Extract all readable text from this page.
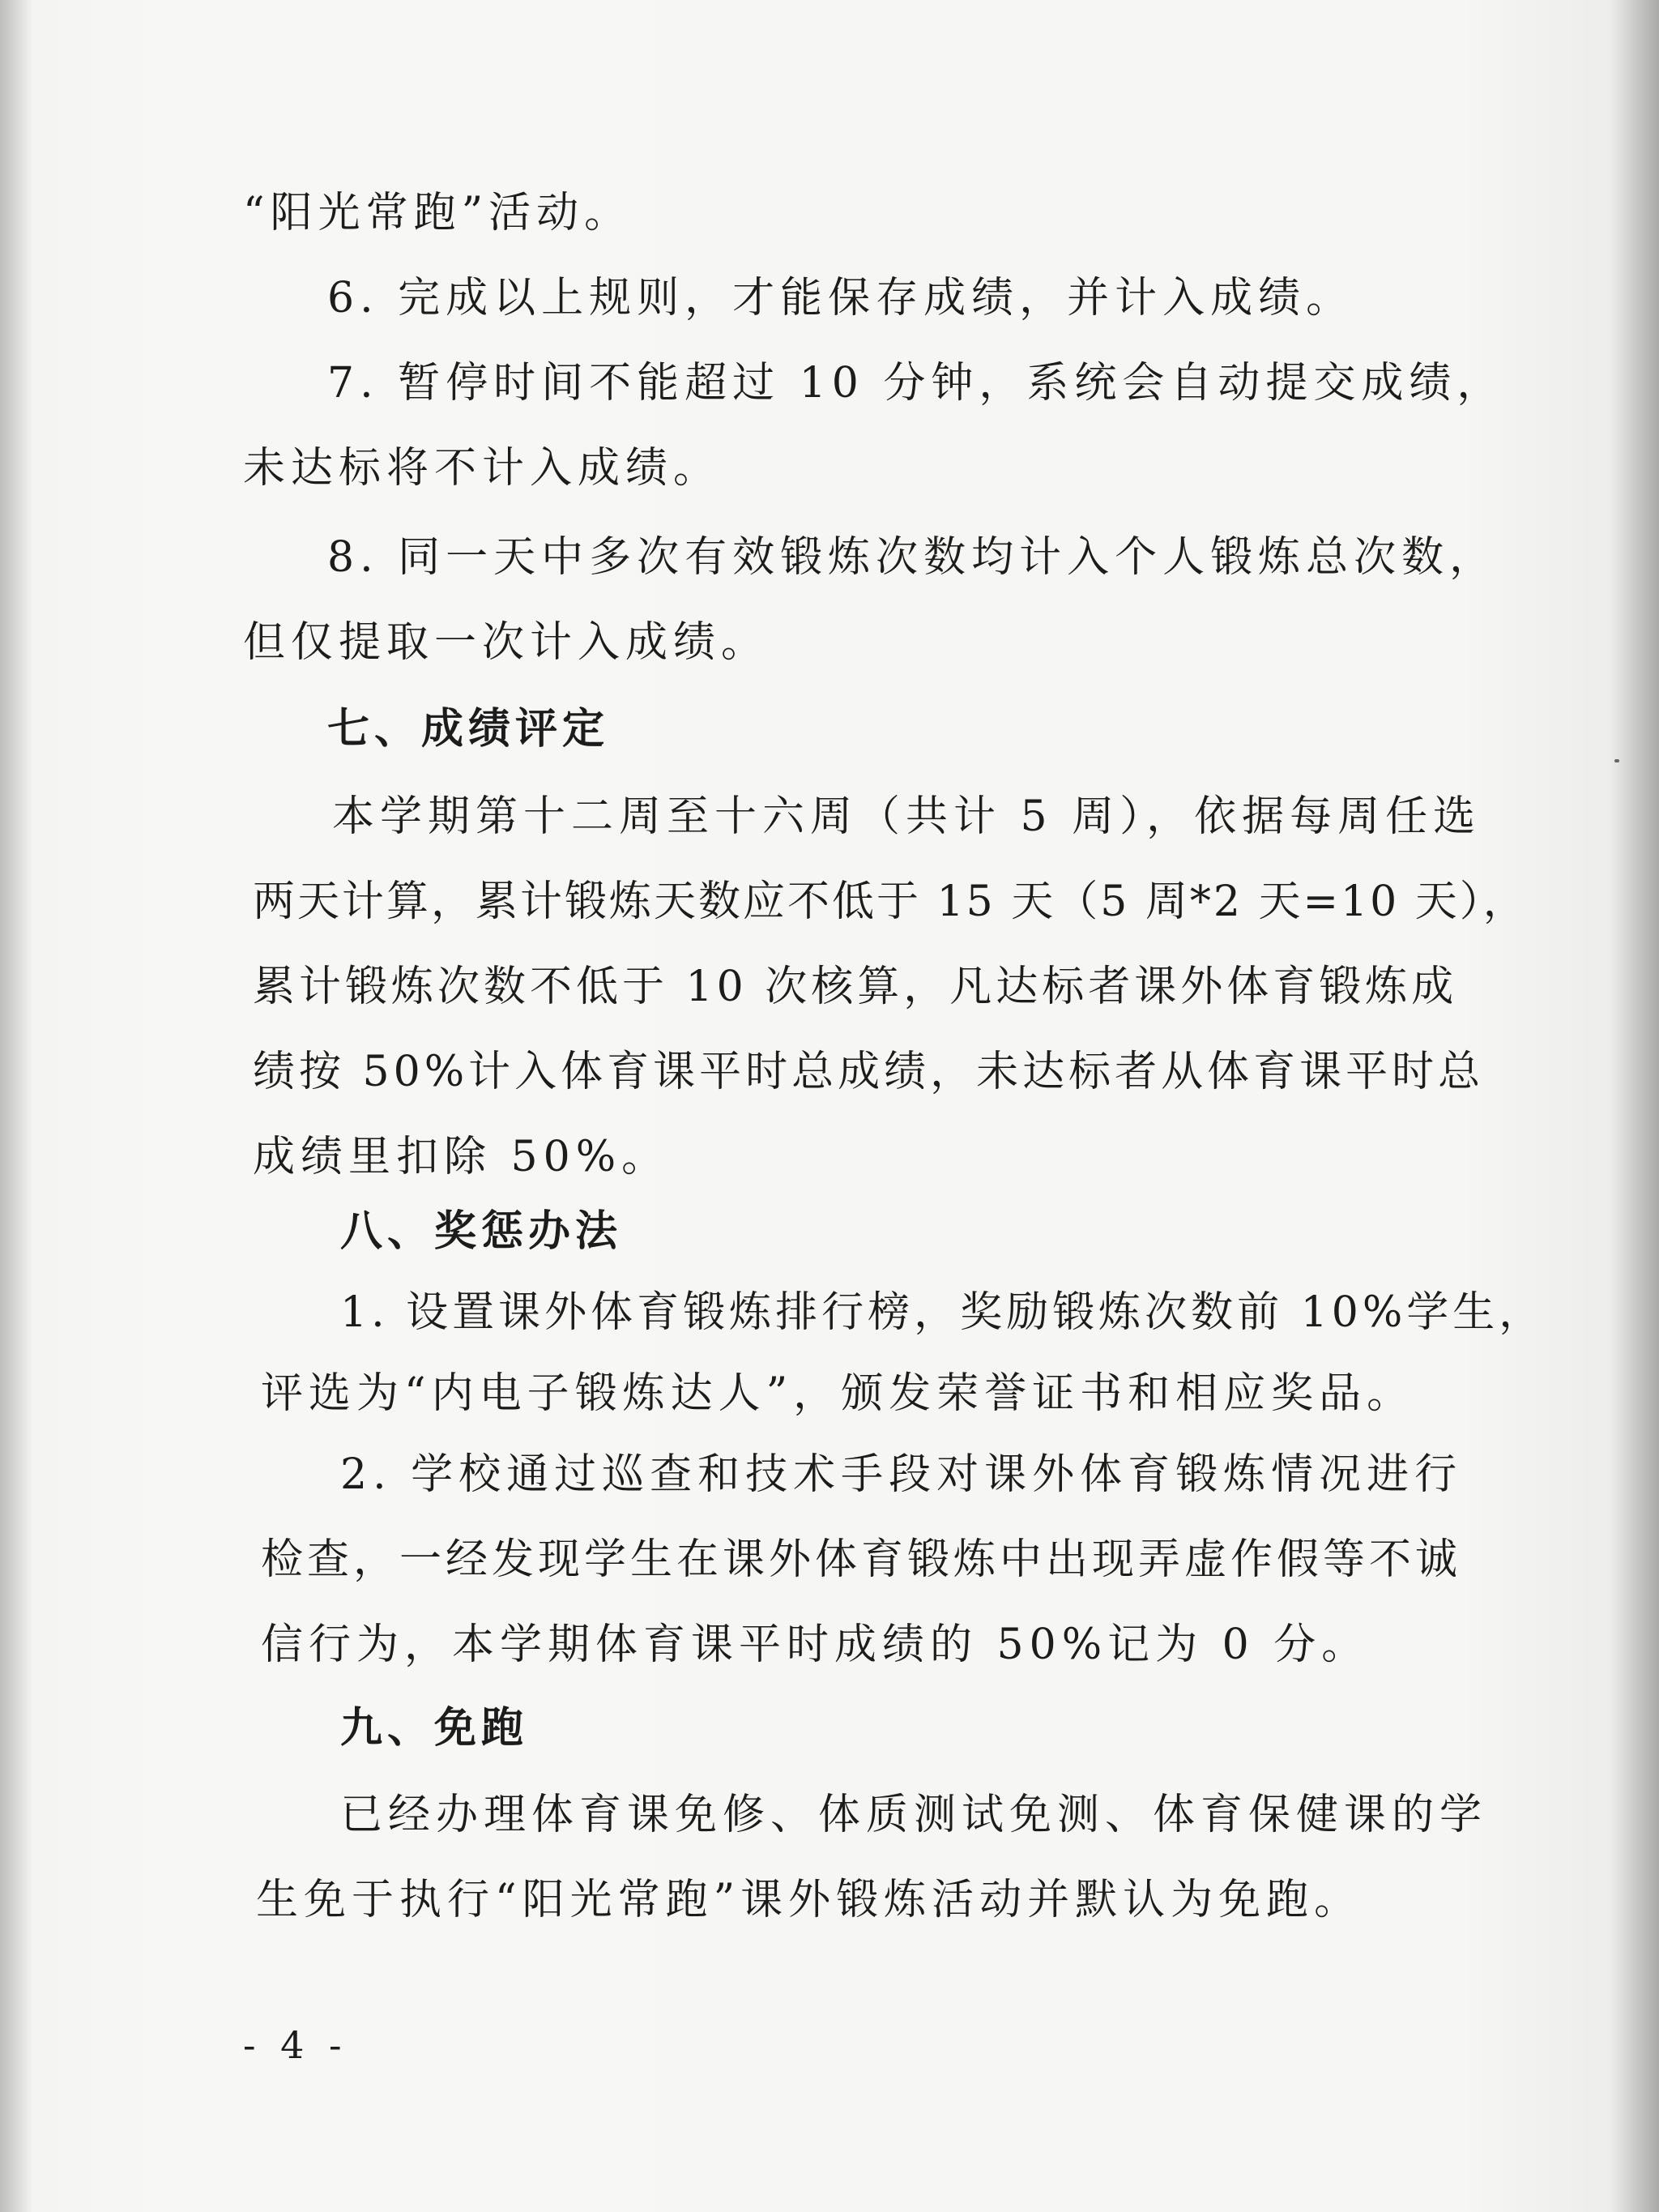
“阳光常跑”活动。
6. 完成以上规则，才能保存成绩，并计入成绩。
7. 暂停时间不能超过 10 分钟，系统会自动提交成绩，
未达标将不计入成绩。
8. 同一天中多次有效锻炼次数均计入个人锻炼总次数，
但仅提取一次计入成绩。
七、成绩评定
本学期第十二周至十六周（共计 5 周），依据每周任选
两天计算，累计锻炼天数应不低于 15 天（5 周*2 天=10 天），
累计锻炼次数不低于 10 次核算，凡达标者课外体育锻炼成
绩按 50%计入体育课平时总成绩，未达标者从体育课平时总
成绩里扣除 50%。
八、奖惩办法
1. 设置课外体育锻炼排行榜，奖励锻炼次数前 10%学生，
评选为“内电子锻炼达人”，颁发荣誉证书和相应奖品。
2. 学校通过巡查和技术手段对课外体育锻炼情况进行
检查，一经发现学生在课外体育锻炼中出现弄虚作假等不诚
信行为，本学期体育课平时成绩的 50%记为 0 分。
九、免跑
已经办理体育课免修、体质测试免测、体育保健课的学
生免于执行“阳光常跑”课外锻炼活动并默认为免跑。
- 4 -
